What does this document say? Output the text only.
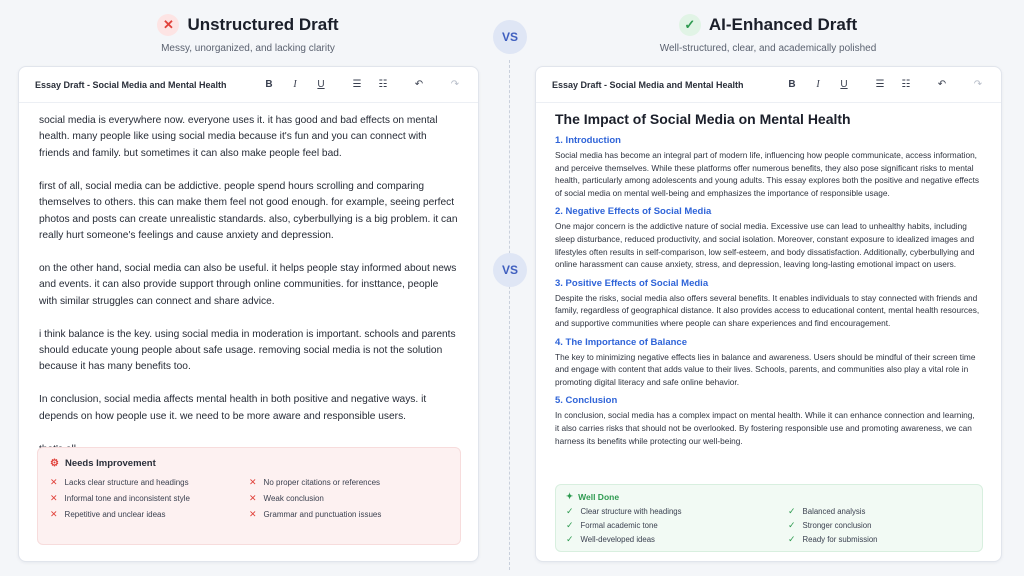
✕ Unstructured Draft
Messy, unorganized, and lacking clarity
✓ AI-Enhanced Draft
Well-structured, clear, and academically polished
VS
VS
Essay Draft - Social Media and Mental Health	B	I	U	☰ ☷	↶	↷

social media is everywhere now. everyone uses it. it has good and bad effects on mental health. many people like using social media because it's fun and you can connect with friends and family. but sometimes it can also make people feel bad.

first of all, social media can be addictive. people spend hours scrolling and comparing themselves to others. this can make them feel not good enough. for example, seeing perfect photos and posts can create unrealistic standards. also, cyberbullying is a big problem. it can really hurt someone's feelings and cause anxiety and depression.

on the other hand, social media can also be useful. it helps people stay informed about news and events. it can also provide support through online communities. for insttance, people with similar struggles can connect and share advice.

i think balance is the key. using social media in moderation is important. schools and parents should educate young people about safe usage. removing social media is not the solution because it has many benefits too.

In conclusion, social media affects mental health in both positive and negative ways. it depends on how people use it. we need to be more aware and responsible users.

⚙ Needs Improvement
✕ Lacks clear structure and headings	✕ No proper citations or references
✕ Informal tone and inconsistent style	✕ Weak conclusion
✕ Repetitive and unclear ideas	✕ Grammar and punctuation issues
Essay Draft - Social Media and Mental Health	B	I	U	☰ ☷	↶	↷
The Impact of Social Media on Mental Health
1. Introduction

Social media has become an integral part of modern life, influencing how people communicate, access information, and perceive themselves. While these platforms offer numerous benefits, they also pose significant risks to mental health, particularly among adolescents and young adults. This essay explores both the positive and negative effects of social media on mental well-being and emphasizes the importance of responsible usage.

2. Negative Effects of Social Media

One major concern is the addictive nature of social media. Excessive use can lead to unhealthy habits, including sleep disturbance, reduced productivity, and social isolation. Moreover, constant exposure to idealized images and lifestyles often results in self-comparison, low self-esteem, and body dissatisfaction. Additionally, cyberbullying and online harassment can cause anxiety, stress, and depression, leaving long-lasting emotional impact on users.

3. Positive Effects of Social Media

Despite the risks, social media also offers several benefits. It enables individuals to stay connected with friends and family, regardless of geographical distance. It also provides access to educational content, mental health resources, and supportive communities where people can share experiences and find encouragement.

4. The Importance of Balance

The key to minimizing negative effects lies in balance and awareness. Users should be mindful of their screen time and engage with content that adds value to their lives. Schools, parents, and communities also play a vital role in promoting digital literacy and safe online behavior.

5. Conclusion

In conclusion, social media has a complex impact on mental health. While it can enhance connection and learning, it also carries risks that should not be overlooked. By fostering responsible use and promoting awareness, we can harness its benefits while protecting our well-being.

✦ Well Done
✓ Clear structure with headings	✓ Balanced analysis
✓ Formal academic tone	✓ Stronger conclusion
✓ Well-developed ideas	✓ Ready for submission
